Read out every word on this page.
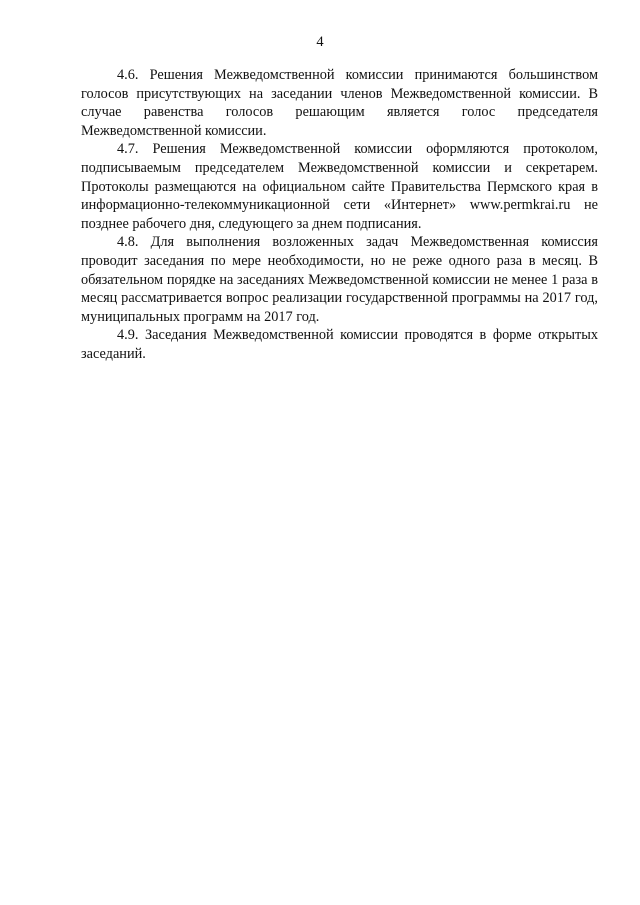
4

4.6. Решения Межведомственной комиссии принимаются большинством голосов присутствующих на заседании членов Межведомственной комиссии. В случае равенства голосов решающим является голос председателя Межведомственной комиссии.

4.7. Решения Межведомственной комиссии оформляются протоколом, подписываемым председателем Межведомственной комиссии и секретарем. Протоколы размещаются на официальном сайте Правительства Пермского края в информационно-телекоммуникационной сети «Интернет» www.permkrai.ru не позднее рабочего дня, следующего за днем подписания.

4.8. Для выполнения возложенных задач Межведомственная комиссия проводит заседания по мере необходимости, но не реже одного раза в месяц. В обязательном порядке на заседаниях Межведомственной комиссии не менее 1 раза в месяц рассматривается вопрос реализации государственной программы на 2017 год, муниципальных программ на 2017 год.

4.9. Заседания Межведомственной комиссии проводятся в форме открытых заседаний.
